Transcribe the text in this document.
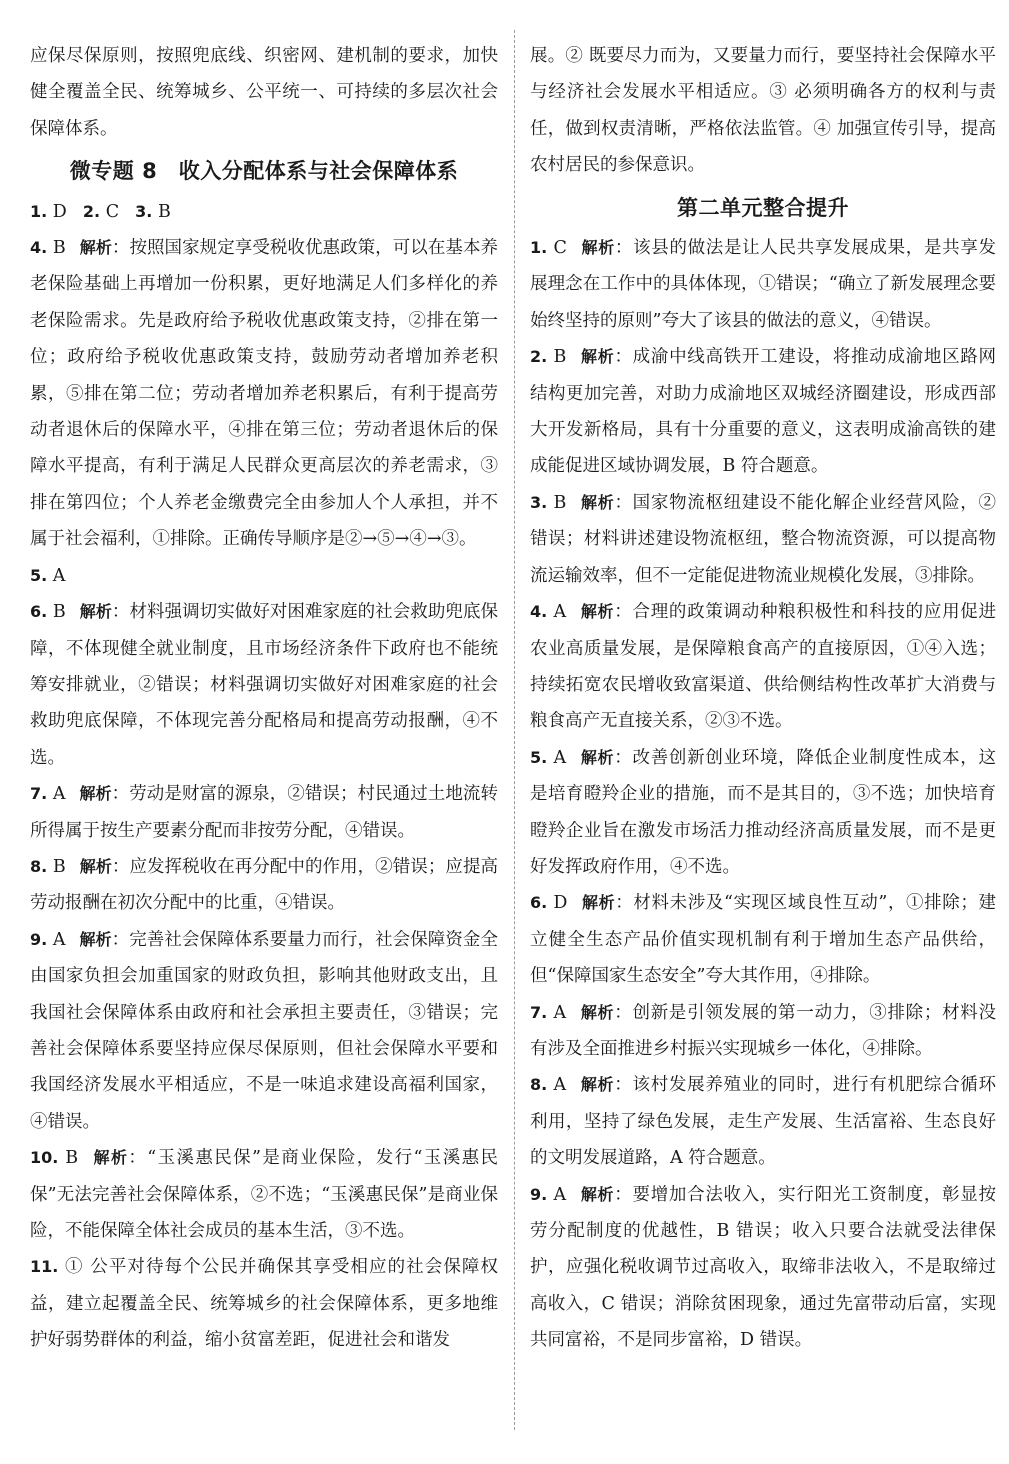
应保尽保原则，按照兜底线、织密网、建机制的要求，加快健全覆盖全民、统筹城乡、公平统一、可持续的多层次社会保障体系。

微专题 8　收入分配体系与社会保障体系

1. D 2. C 3. B

4. B 解析：按照国家规定享受税收优惠政策，可以在基本养老保险基础上再增加一份积累，更好地满足人们多样化的养老保险需求。先是政府给予税收优惠政策支持，②排在第一位；政府给予税收优惠政策支持，鼓励劳动者增加养老积累，⑤排在第二位；劳动者增加养老积累后，有利于提高劳动者退休后的保障水平，④排在第三位；劳动者退休后的保障水平提高，有利于满足人民群众更高层次的养老需求，③排在第四位；个人养老金缴费完全由参加人个人承担，并不属于社会福利，①排除。正确传导顺序是②→⑤→④→③。

5. A

6. B 解析：材料强调切实做好对困难家庭的社会救助兜底保障，不体现健全就业制度，且市场经济条件下政府也不能统筹安排就业，②错误；材料强调切实做好对困难家庭的社会救助兜底保障，不体现完善分配格局和提高劳动报酬，④不选。

7. A 解析：劳动是财富的源泉，②错误；村民通过土地流转所得属于按生产要素分配而非按劳分配，④错误。

8. B 解析：应发挥税收在再分配中的作用，②错误；应提高劳动报酬在初次分配中的比重，④错误。

9. A 解析：完善社会保障体系要量力而行，社会保障资金全由国家负担会加重国家的财政负担，影响其他财政支出，且我国社会保障体系由政府和社会承担主要责任，③错误；完善社会保障体系要坚持应保尽保原则，但社会保障水平要和我国经济发展水平相适应，不是一味追求建设高福利国家，④错误。

10. B 解析：“玉溪惠民保”是商业保险，发行“玉溪惠民保”无法完善社会保障体系，②不选；“玉溪惠民保”是商业保险，不能保障全体社会成员的基本生活，③不选。

11. ① 公平对待每个公民并确保其享受相应的社会保障权益，建立起覆盖全民、统筹城乡的社会保障体系，更多地维护好弱势群体的利益，缩小贫富差距，促进社会和谐发

展。② 既要尽力而为，又要量力而行，要坚持社会保障水平与经济社会发展水平相适应。③ 必须明确各方的权利与责任，做到权责清晰，严格依法监管。④ 加强宣传引导，提高农村居民的参保意识。

第二单元整合提升

1. C 解析：该县的做法是让人民共享发展成果，是共享发展理念在工作中的具体体现，①错误；“确立了新发展理念要始终坚持的原则”夸大了该县的做法的意义，④错误。

2. B 解析：成渝中线高铁开工建设，将推动成渝地区路网结构更加完善，对助力成渝地区双城经济圈建设，形成西部大开发新格局，具有十分重要的意义，这表明成渝高铁的建成能促进区域协调发展，B 符合题意。

3. B 解析：国家物流枢纽建设不能化解企业经营风险，②错误；材料讲述建设物流枢纽，整合物流资源，可以提高物流运输效率，但不一定能促进物流业规模化发展，③排除。

4. A 解析：合理的政策调动种粮积极性和科技的应用促进农业高质量发展，是保障粮食高产的直接原因，①④入选；持续拓宽农民增收致富渠道、供给侧结构性改革扩大消费与粮食高产无直接关系，②③不选。

5. A 解析：改善创新创业环境，降低企业制度性成本，这是培育瞪羚企业的措施，而不是其目的，③不选；加快培育瞪羚企业旨在激发市场活力推动经济高质量发展，而不是更好发挥政府作用，④不选。

6. D 解析：材料未涉及“实现区域良性互动”，①排除；建立健全生态产品价值实现机制有利于增加生态产品供给，但“保障国家生态安全”夸大其作用，④排除。

7. A 解析：创新是引领发展的第一动力，③排除；材料没有涉及全面推进乡村振兴实现城乡一体化，④排除。

8. A 解析：该村发展养殖业的同时，进行有机肥综合循环利用，坚持了绿色发展，走生产发展、生活富裕、生态良好的文明发展道路，A 符合题意。

9. A 解析：要增加合法收入，实行阳光工资制度，彰显按劳分配制度的优越性，B 错误；收入只要合法就受法律保护，应强化税收调节过高收入，取缔非法收入，不是取缔过高收入，C 错误；消除贫困现象，通过先富带动后富，实现共同富裕，不是同步富裕，D 错误。
